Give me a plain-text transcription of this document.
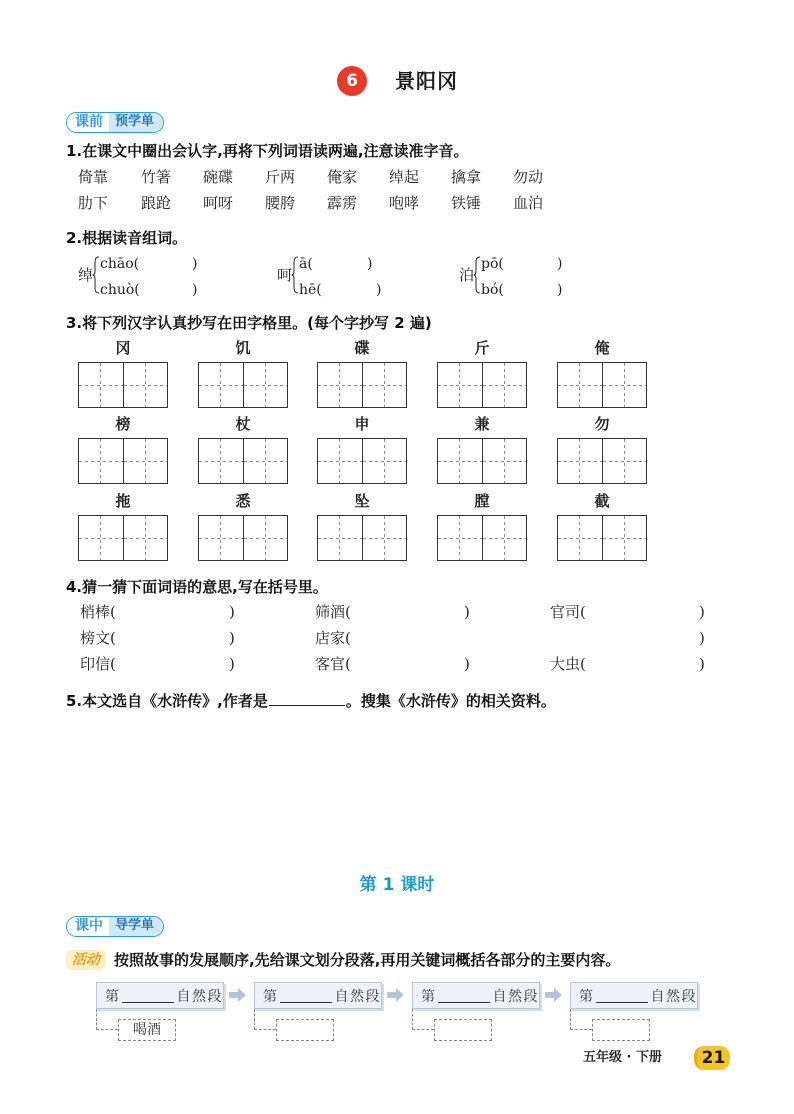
6	景阳冈
课前 预学单
1.在课文中圈出会认字,再将下列词语读两遍,注意读准字音。
倚靠 竹箸 碗碟 斤两 俺家 绰起 擒拿 勿动
肋下 踉跄 呵呀 腰胯 霹雳 咆哮 铁锤 血泊
2.根据读音组词。
绰
chāo(	)
chuò(	)
呵
ā(	)
hē(	)
泊
pō(	)
bó(	)
3.将下列汉字认真抄写在田字格里。(每个字抄写 2 遍)
冈	饥	碟	斤	俺
榜	杖	申	兼	勿
拖	悉	坠	膛	截
4.猜一猜下面词语的意思,写在括号里。
梢棒(	)	筛酒(	)	官司(	)
榜文(	)	店家(	)
印信(	)	客官(	)	大虫(	)
5.本文选自《水浒传》,作者是	。搜集《水浒传》的相关资料。
第 1 课时
课中 导学单
活动 按照故事的发展顺序,先给课文划分段落,再用关键词概括各部分的主要内容。
第	自然段
喝酒
第	自然段	第	自然段	第	自然段
五年级 · 下册	21
